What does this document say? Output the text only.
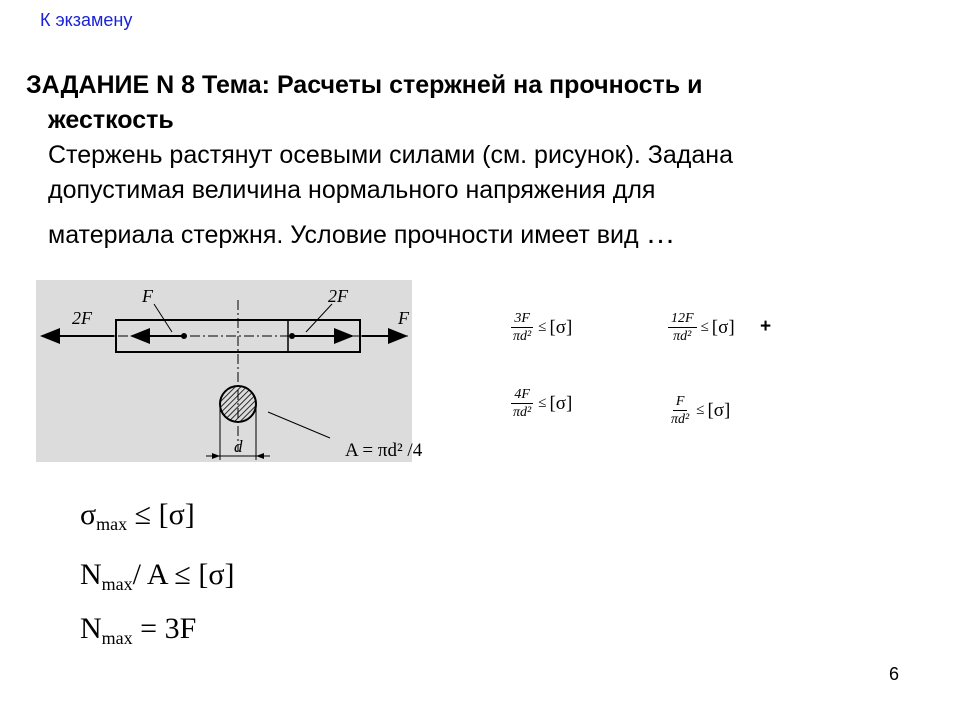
К экзамену
ЗАДАНИЕ N 8 Тема: Расчеты стержней на прочность и
жесткость
Стержень растянут осевыми силами (см. рисунок). Задана
допустимая величина нормального напряжения для
материала стержня. Условие прочности имеет вид …
2F
F	2F
F
d	A = πd² /4
$\frac{3F}{\text{πd²}} \le [\sigma]$	$\frac{12F}{\text{πd²}} \le [\sigma]$ +
$\frac{4F}{\text{πd²}} \le [\sigma]$	$\frac{F}{\text{πd²}} \le [\sigma]$
$\sigma_{max} \le [\sigma]$
$N_{max}/$ A ≤ [σ]
$N_{max} = 3F$
6
